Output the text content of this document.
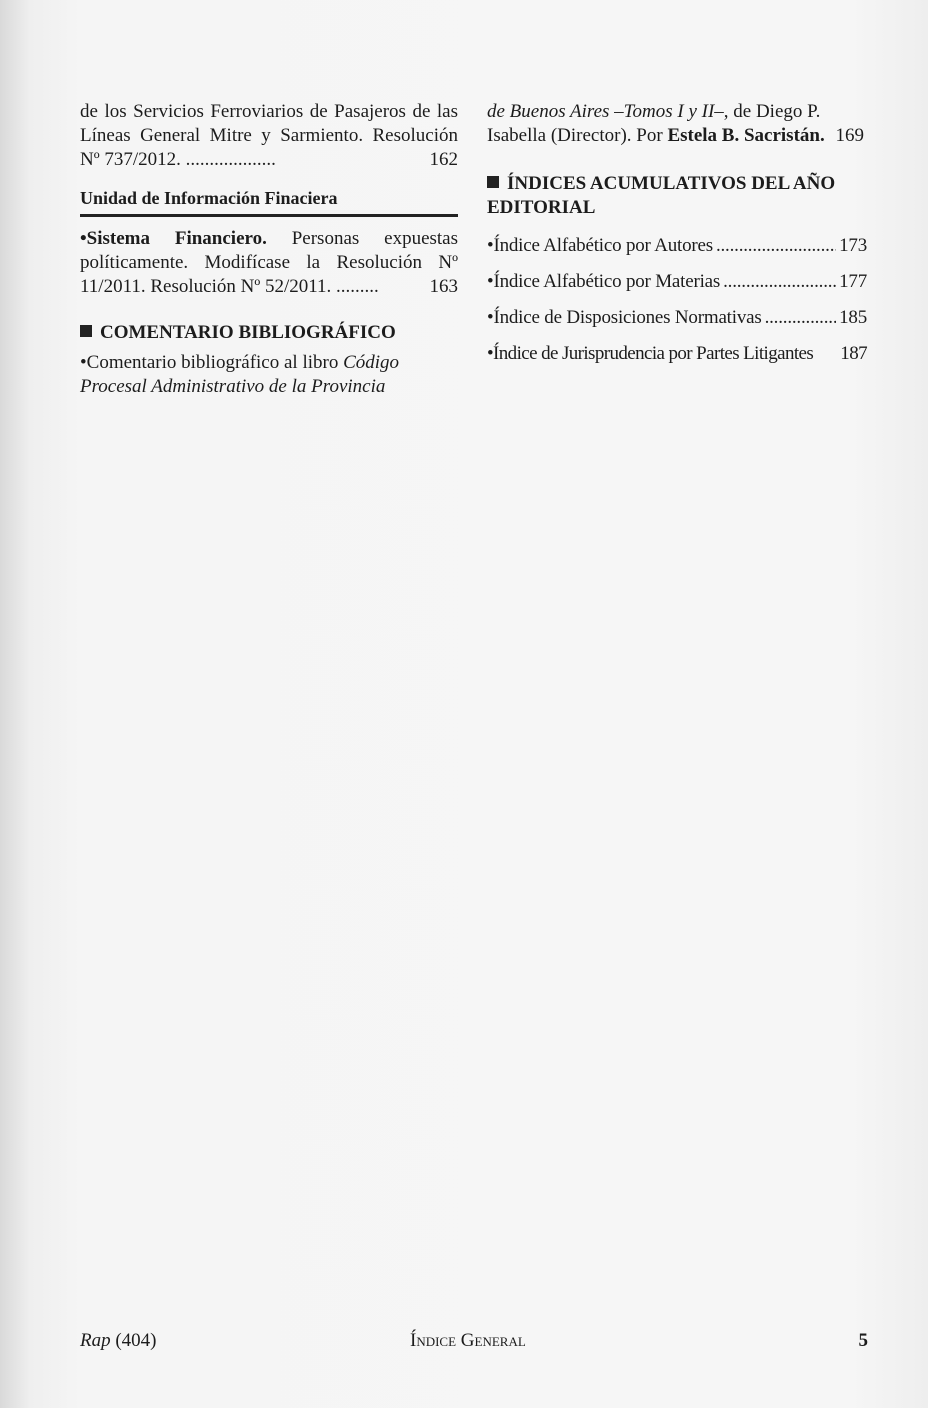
de los Servicios Ferroviarios de Pasajeros de las Líneas General Mitre y Sarmiento. Resolución Nº 737/2012. ...................	162
Unidad de Información Finaciera
•Sistema Financiero. Personas expuestas políticamente. Modifícase la Resolución Nº 11/2011. Resolución Nº 52/2011. .........	163
COMENTARIO BIBLIOGRÁFICO
•Comentario bibliográfico al libro Código Procesal Administrativo de la Provincia
de Buenos Aires –Tomos I y II–, de Diego P. Isabella (Director). Por Estela B. Sacristán. 169
ÍNDICES ACUMULATIVOS DEL AÑO EDITORIAL
•Índice Alfabético por Autores .....	173
•Índice Alfabético por Materias .....	177
•Índice de Disposiciones Normativas .....	185
•Índice de Jurisprudencia por Partes Litigantes 187
Rap (404)	Índice General	5
